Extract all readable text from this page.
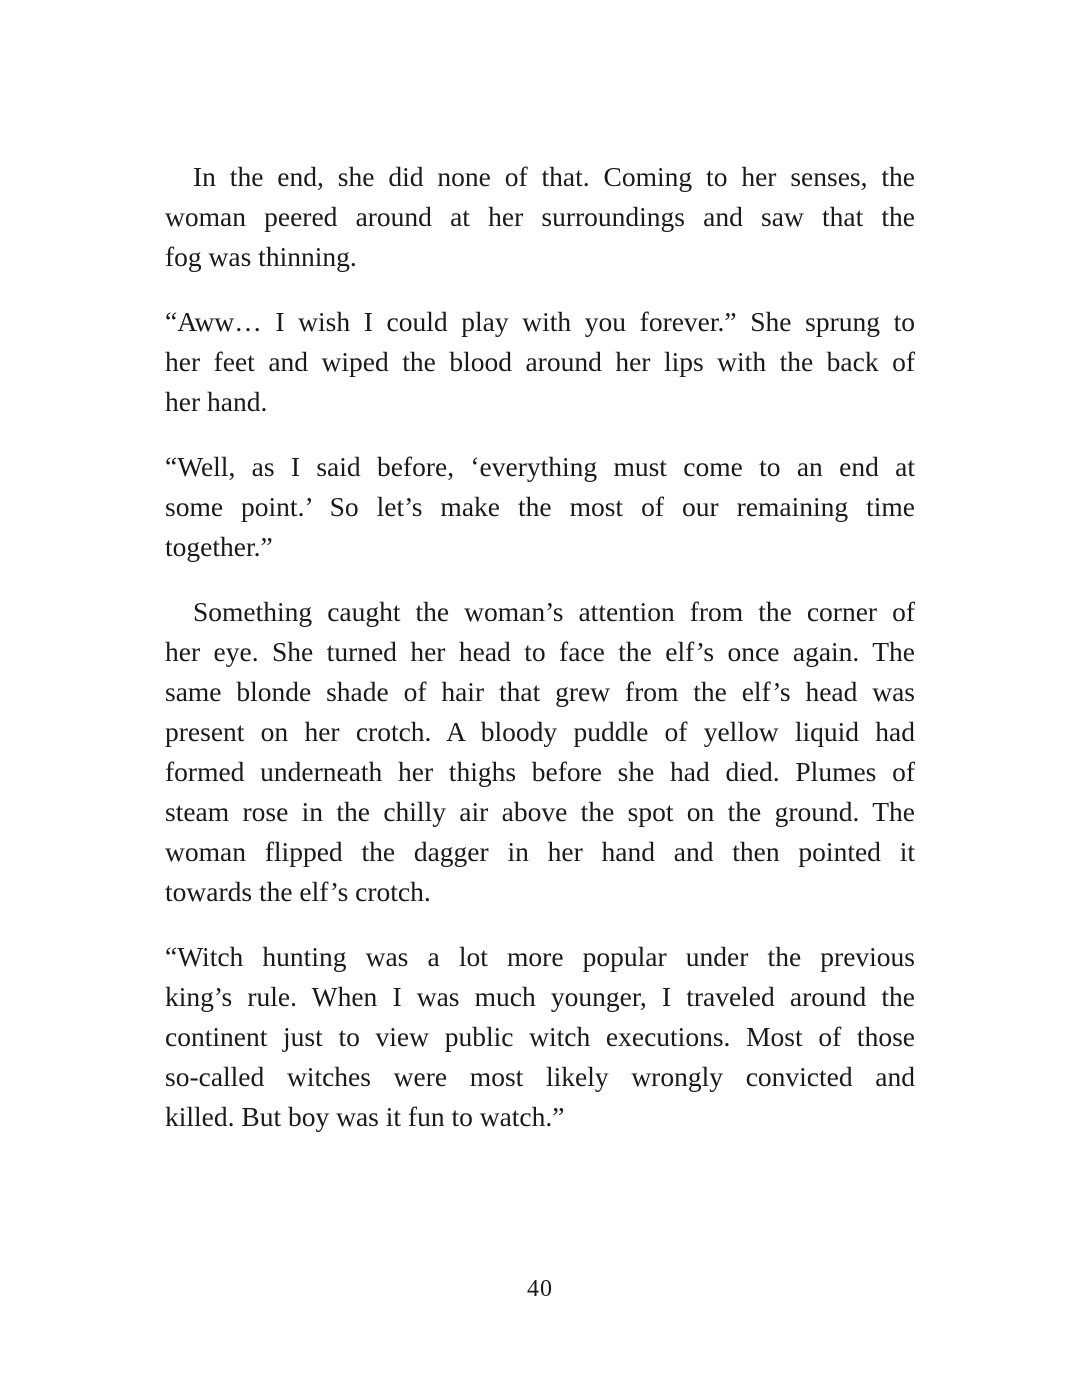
In the end, she did none of that. Coming to her senses, the
woman peered around at her surroundings and saw that the
fog was thinning.
“Aww… I wish I could play with you forever.” She sprung to
her feet and wiped the blood around her lips with the back of
her hand.
“Well, as I said before, ‘everything must come to an end at
some point.’ So let’s make the most of our remaining time
together.”
Something caught the woman’s attention from the corner of
her eye. She turned her head to face the elf’s once again. The
same blonde shade of hair that grew from the elf’s head was
present on her crotch. A bloody puddle of yellow liquid had
formed underneath her thighs before she had died. Plumes of
steam rose in the chilly air above the spot on the ground. The
woman flipped the dagger in her hand and then pointed it
towards the elf’s crotch.
“Witch hunting was a lot more popular under the previous
king’s rule. When I was much younger, I traveled around the
continent just to view public witch executions. Most of those
so-called witches were most likely wrongly convicted and
killed. But boy was it fun to watch.”
40
